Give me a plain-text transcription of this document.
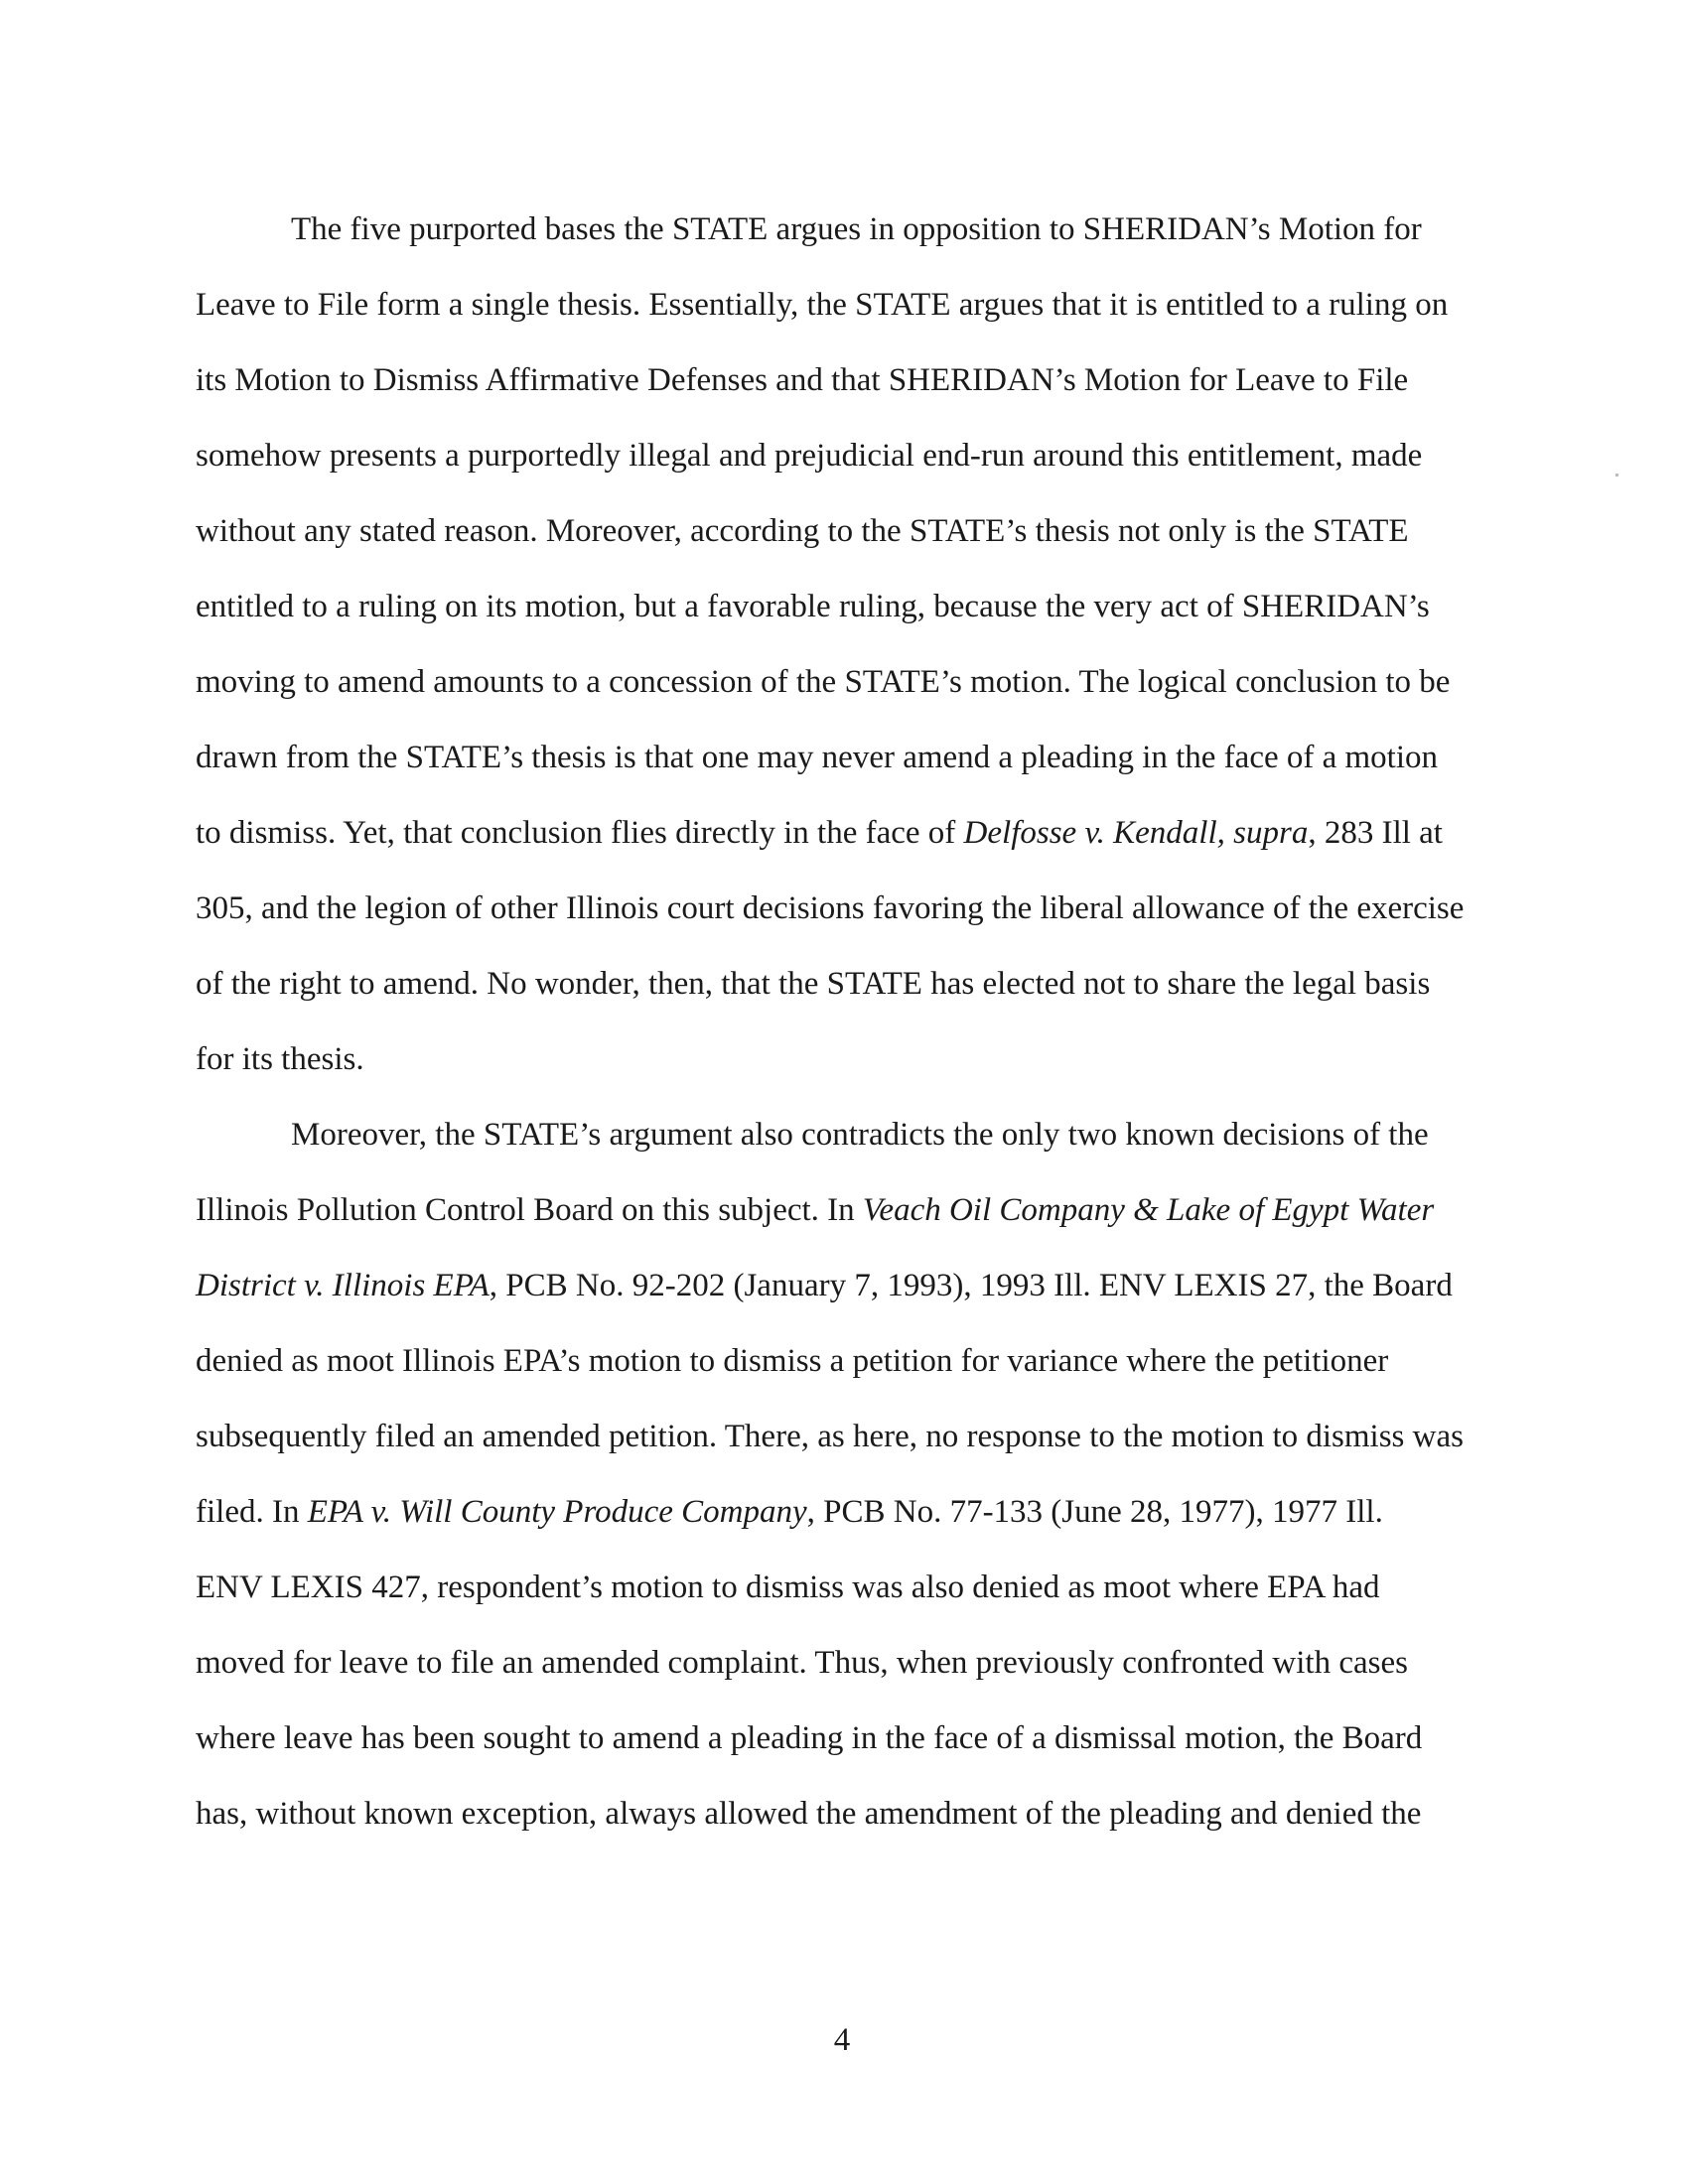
The five purported bases the STATE argues in opposition to SHERIDAN’s Motion for
Leave to File form a single thesis. Essentially, the STATE argues that it is entitled to a ruling on
its Motion to Dismiss Affirmative Defenses and that SHERIDAN’s Motion for Leave to File
somehow presents a purportedly illegal and prejudicial end-run around this entitlement, made
without any stated reason. Moreover, according to the STATE’s thesis not only is the STATE
entitled to a ruling on its motion, but a favorable ruling, because the very act of SHERIDAN’s
moving to amend amounts to a concession of the STATE’s motion. The logical conclusion to be
drawn from the STATE’s thesis is that one may never amend a pleading in the face of a motion
to dismiss. Yet, that conclusion flies directly in the face of Delfosse v. Kendall, supra, 283 Ill at
305, and the legion of other Illinois court decisions favoring the liberal allowance of the exercise
of the right to amend. No wonder, then, that the STATE has elected not to share the legal basis
for its thesis.
Moreover, the STATE’s argument also contradicts the only two known decisions of the
Illinois Pollution Control Board on this subject. In Veach Oil Company & Lake of Egypt Water
District v. Illinois EPA, PCB No. 92-202 (January 7, 1993), 1993 Ill. ENV LEXIS 27, the Board
denied as moot Illinois EPA’s motion to dismiss a petition for variance where the petitioner
subsequently filed an amended petition. There, as here, no response to the motion to dismiss was
filed. In EPA v. Will County Produce Company, PCB No. 77-133 (June 28, 1977), 1977 Ill.
ENV LEXIS 427, respondent’s motion to dismiss was also denied as moot where EPA had
moved for leave to file an amended complaint. Thus, when previously confronted with cases
where leave has been sought to amend a pleading in the face of a dismissal motion, the Board
has, without known exception, always allowed the amendment of the pleading and denied the
4
